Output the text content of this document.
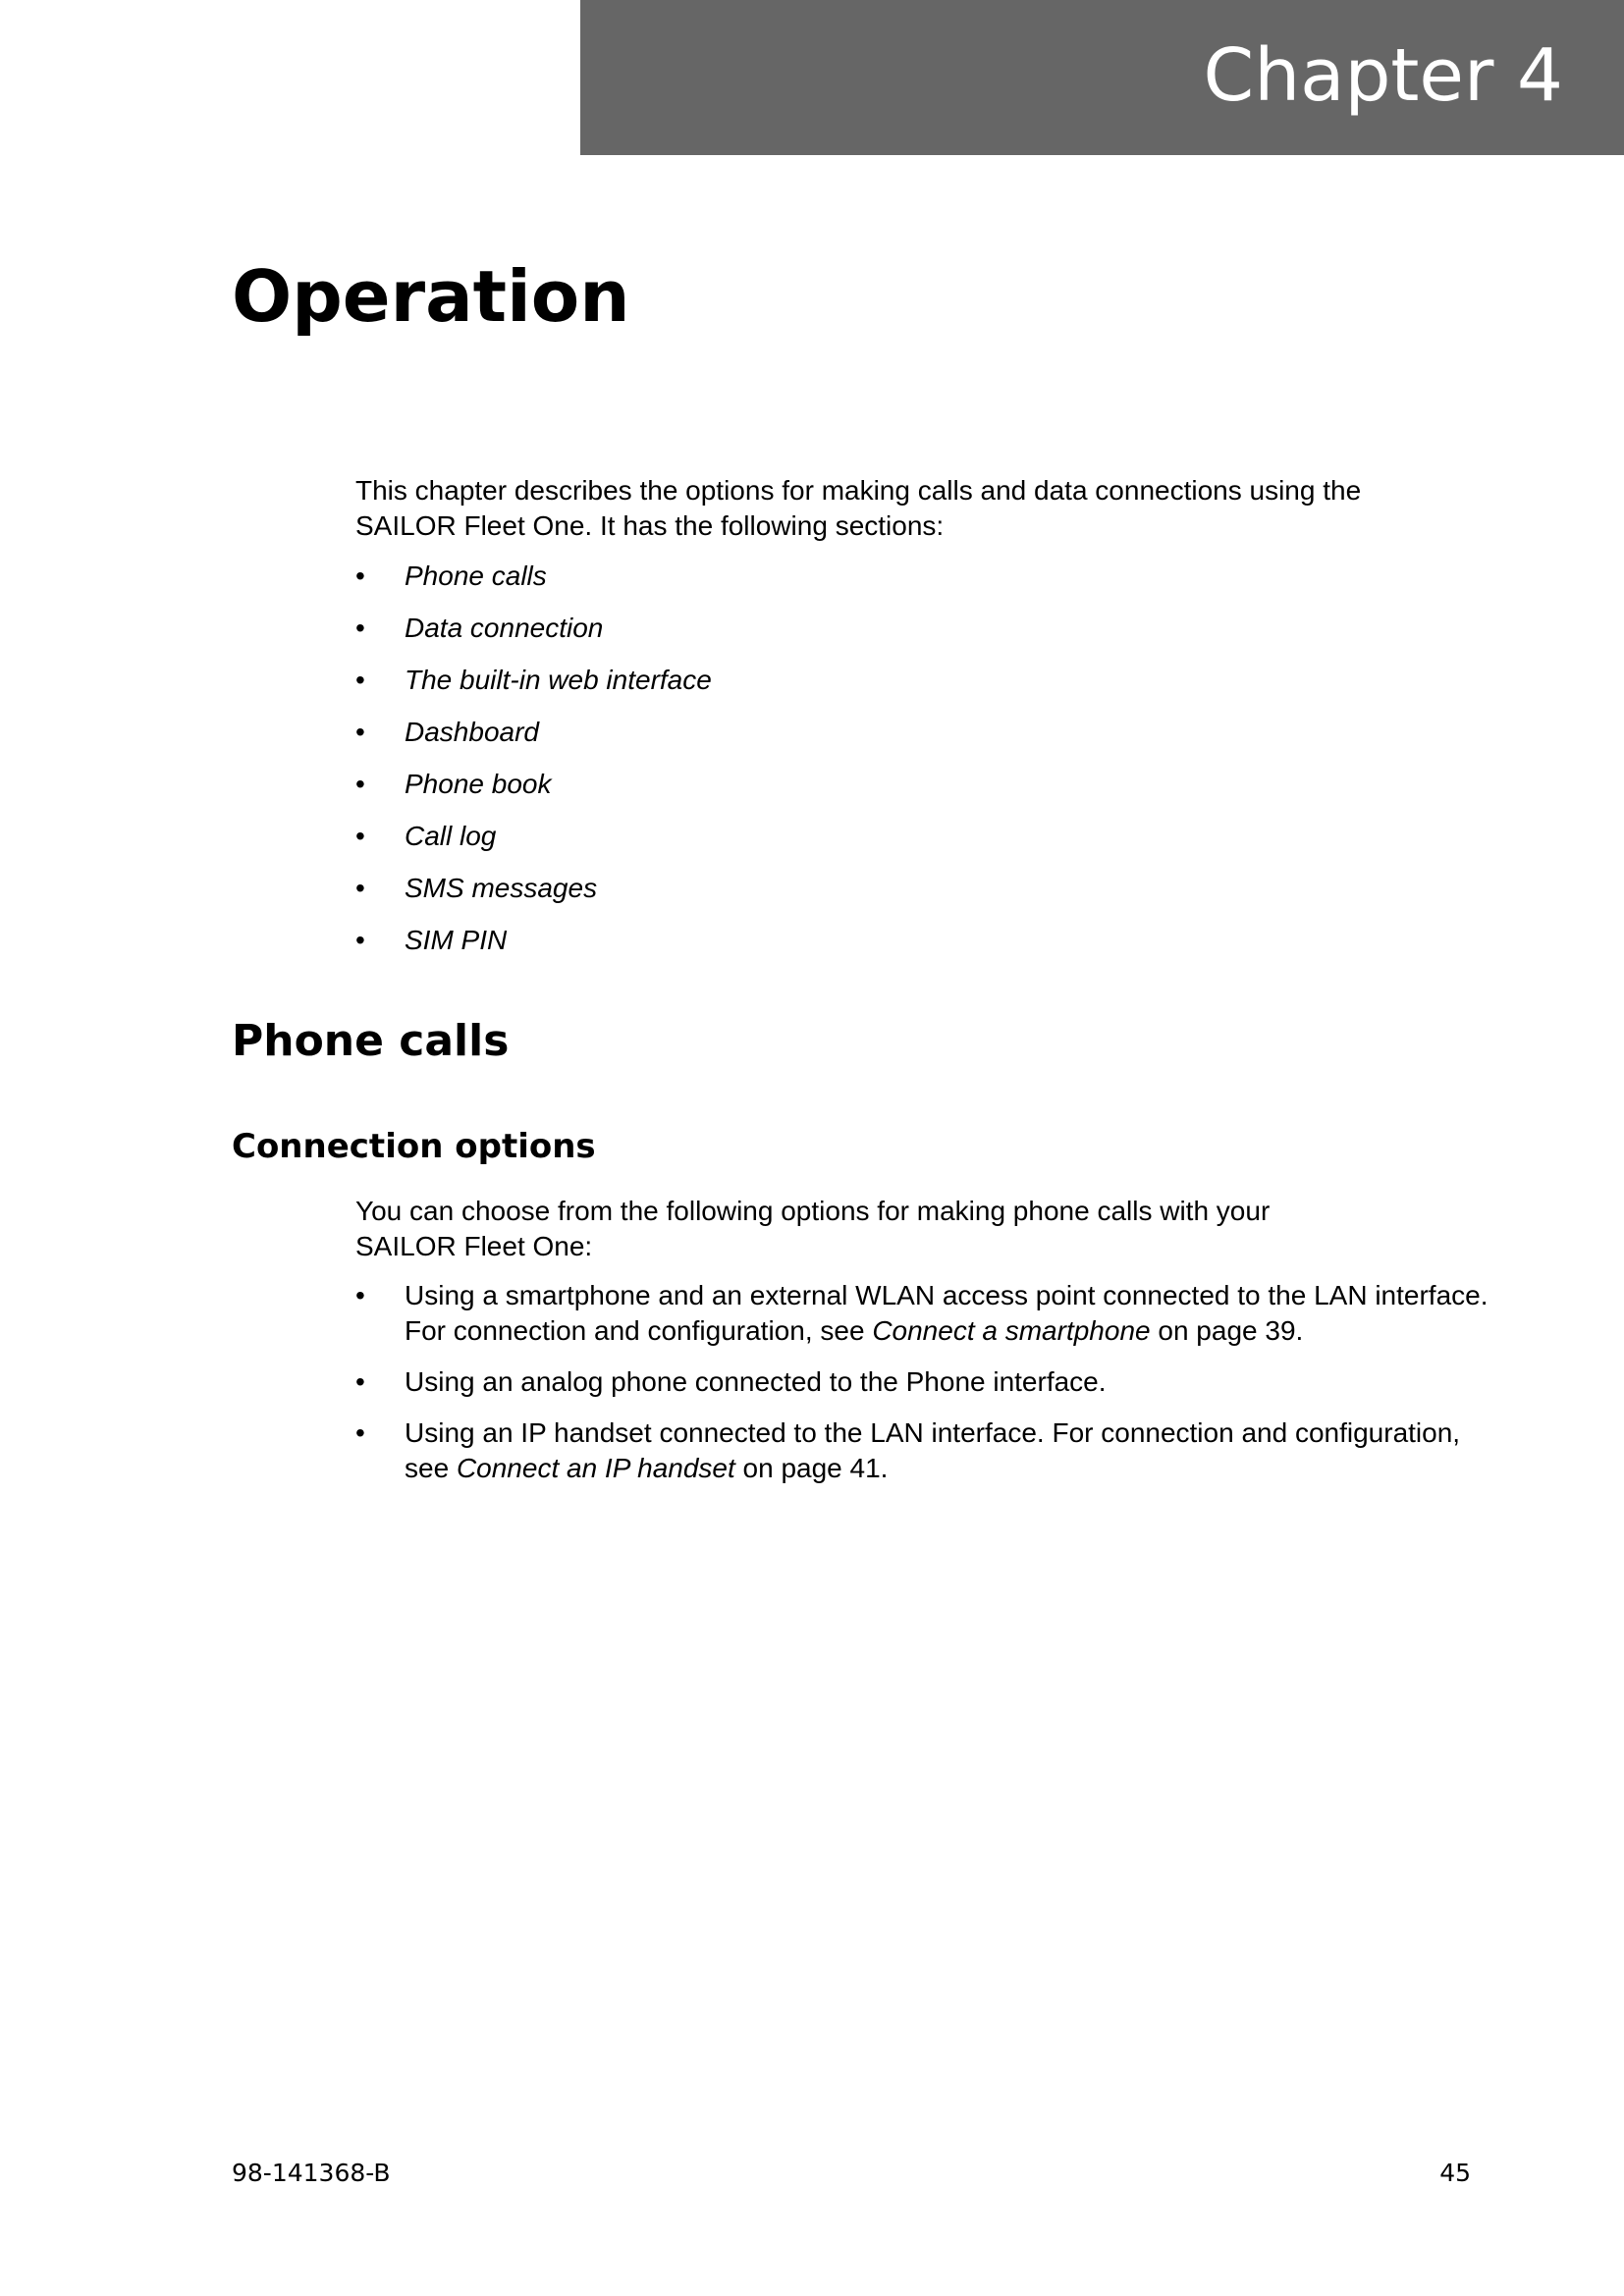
Chapter 4
Operation

This chapter describes the options for making calls and data connections using the
SAILOR Fleet One. It has the following sections:

•	Phone calls
•	Data connection
•	The built-in web interface
•	Dashboard
•	Phone book
•	Call log
•	SMS messages
•	SIM PIN
Phone calls
Connection options

You can choose from the following options for making phone calls with your
SAILOR Fleet One:

•	Using a smartphone and an external WLAN access point connected to the LAN interface.
For connection and configuration, see Connect a smartphone on page 39.
•	Using an analog phone connected to the Phone interface.
•	Using an IP handset connected to the LAN interface. For connection and configuration,
see Connect an IP handset on page 41.
98-141368-B	45
